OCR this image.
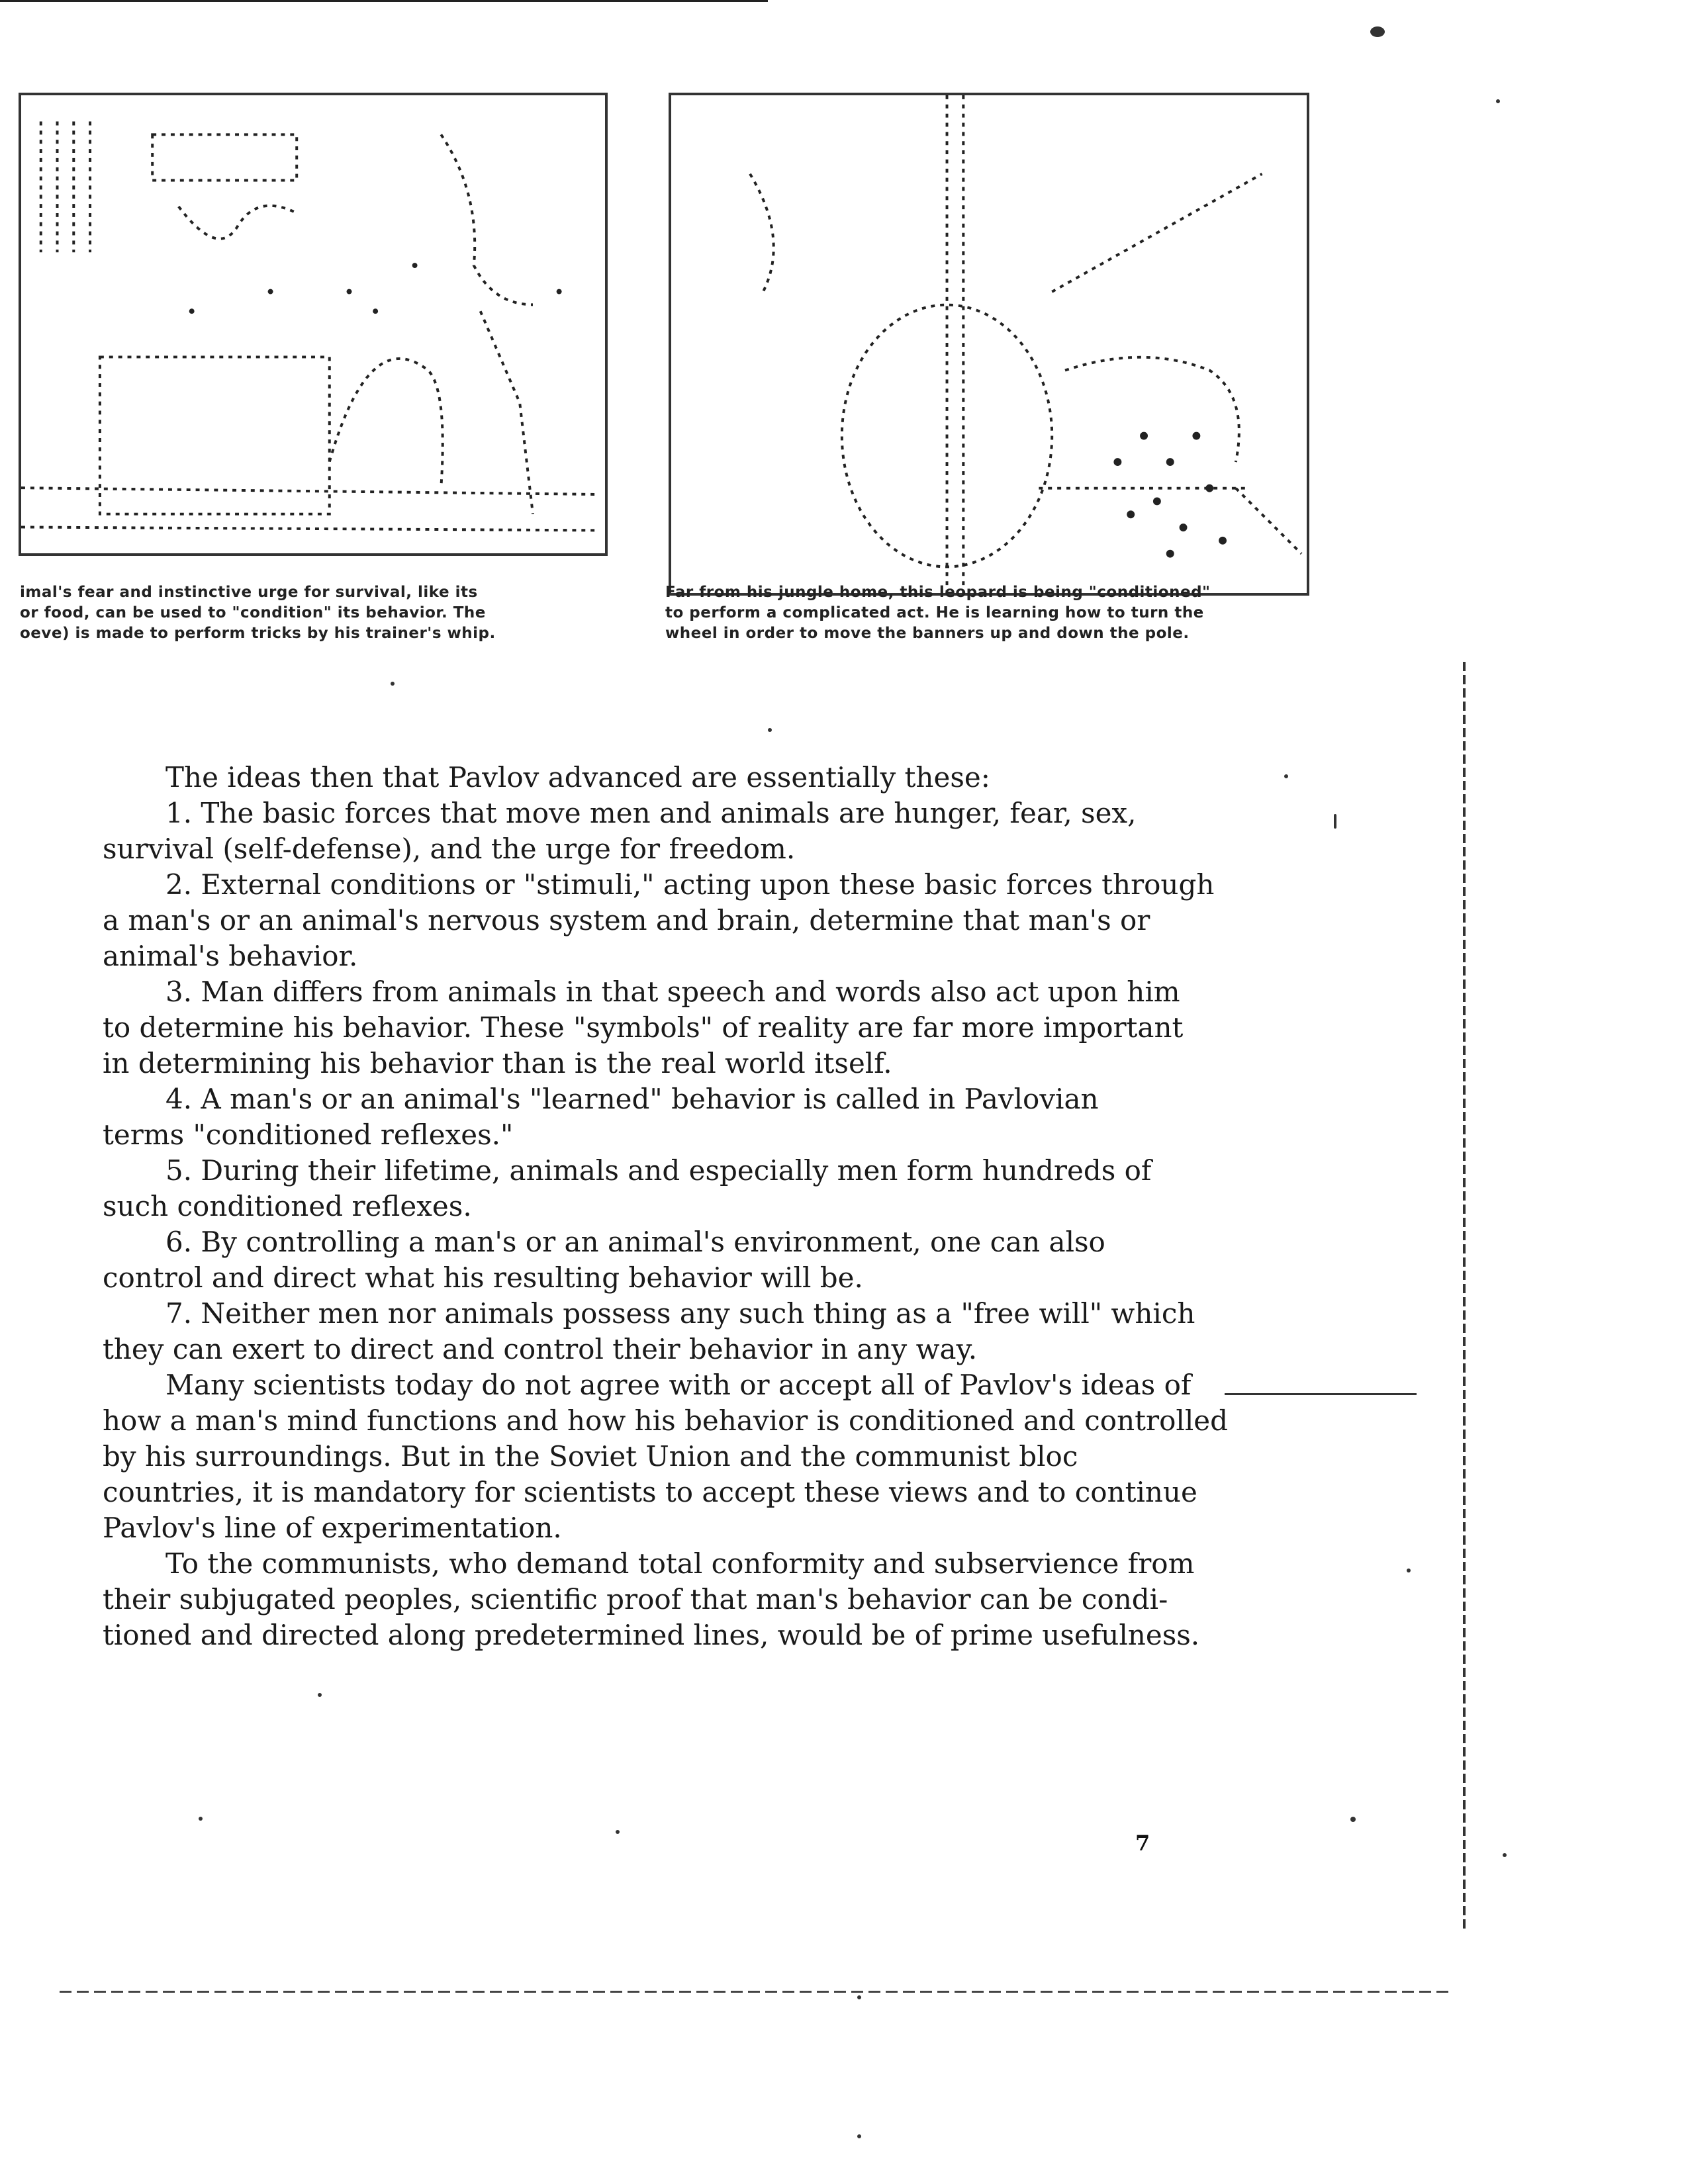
imal's fear and instinctive urge for survival, like its
or food, can be used to "condition" its behavior. The
oeve) is made to perform tricks by his trainer's whip.
Far from his jungle home, this leopard is being "conditioned"
to perform a complicated act. He is learning how to turn the
wheel in order to move the banners up and down the pole.
The ideas then that Pavlov advanced are essentially these:
1. The basic forces that move men and animals are hunger, fear, sex,
survival (self-defense), and the urge for freedom.
2. External conditions or "stimuli," acting upon these basic forces through
a man's or an animal's nervous system and brain, determine that man's or
animal's behavior.
3. Man differs from animals in that speech and words also act upon him
to determine his behavior. These "symbols" of reality are far more important
in determining his behavior than is the real world itself.
4. A man's or an animal's "learned" behavior is called in Pavlovian
terms "conditioned reflexes."
5. During their lifetime, animals and especially men form hundreds of
such conditioned reflexes.
6. By controlling a man's or an animal's environment, one can also
control and direct what his resulting behavior will be.
7. Neither men nor animals possess any such thing as a "free will" which
they can exert to direct and control their behavior in any way.
Many scientists today do not agree with or accept all of Pavlov's ideas of
how a man's mind functions and how his behavior is conditioned and controlled
by his surroundings. But in the Soviet Union and the communist bloc
countries, it is mandatory for scientists to accept these views and to continue
Pavlov's line of experimentation.
To the communists, who demand total conformity and subservience from
their subjugated peoples, scientific proof that man's behavior can be condi-
tioned and directed along predetermined lines, would be of prime usefulness.
7
